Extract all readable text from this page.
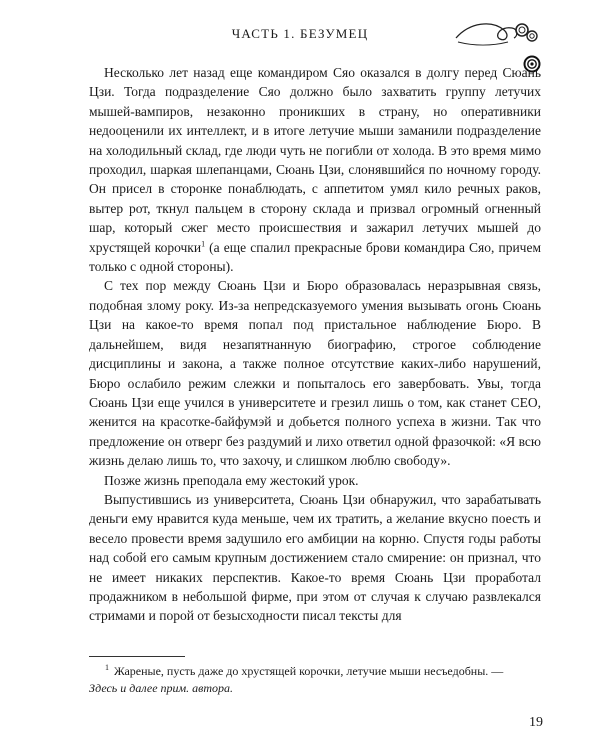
ЧАСТЬ 1. БЕЗУМЕЦ

Несколько лет назад еще командиром Сяо оказался в долгу перед Сюань Цзи. Тогда подразделение Сяо должно было захватить группу летучих мышей-вампиров, незаконно проникших в страну, но оперативники недооценили их интеллект, и в итоге летучие мыши заманили подразделение на холодильный склад, где люди чуть не погибли от холода. В это время мимо проходил, шаркая шлепанцами, Сюань Цзи, слонявшийся по ночному городу. Он присел в сторонке понаблюдать, с аппетитом умял кило речных раков, вытер рот, ткнул пальцем в сторону склада и призвал огромный огненный шар, который сжег место происшествия и зажарил летучих мышей до хрустящей корочки$^1$ (а еще спалил прекрасные брови командира Сяо, причем только с одной стороны).

С тех пор между Сюань Цзи и Бюро образовалась неразрывная связь, подобная злому року. Из-за непредсказуемого умения вызывать огонь Сюань Цзи на какое-то время попал под пристальное наблюдение Бюро. В дальнейшем, видя незапятнанную биографию, строгое соблюдение дисциплины и закона, а также полное отсутствие каких-либо нарушений, Бюро ослабило режим слежки и попыталось его завербовать. Увы, тогда Сюань Цзи еще учился в университете и грезил лишь о том, как станет CEO, женится на красотке-байфумэй и добьется полного успеха в жизни. Так что предложение он отверг без раздумий и лихо ответил одной фразочкой: «Я всю жизнь делаю лишь то, что захочу, и слишком люблю свободу».

Позже жизнь преподала ему жестокий урок.

Выпустившись из университета, Сюань Цзи обнаружил, что зарабатывать деньги ему нравится куда меньше, чем их тратить, а желание вкусно поесть и весело провести время задушило его амбиции на корню. Спустя годы работы над собой его самым крупным достижением стало смирение: он признал, что не имеет никаких перспектив. Какое-то время Сюань Цзи проработал продажником в небольшой фирме, при этом от случая к случаю развлекался стримами и порой от безысходности писал тексты для

$^1$ Жареные, пусть даже до хрустящей корочки, летучие мыши несъедобны. —
Здесь и далее прим. автора.
19
